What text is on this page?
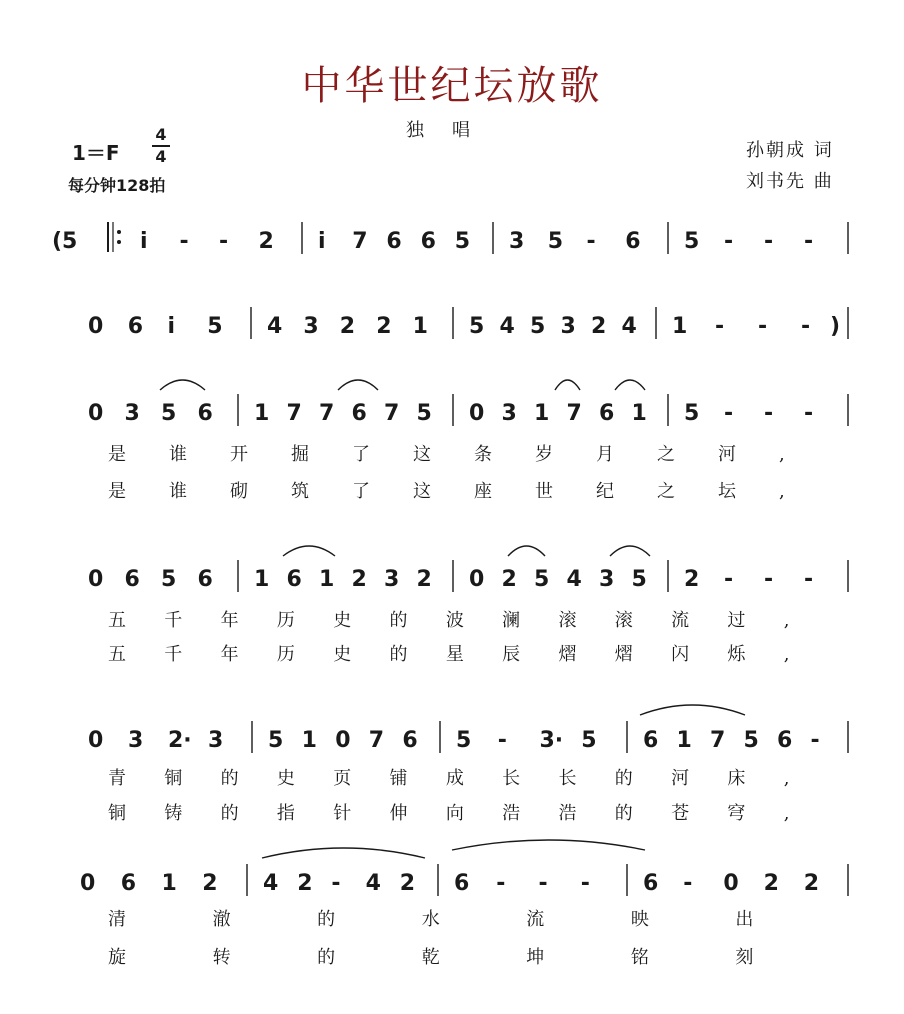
中华世纪坛放歌
独唱
1＝F
4
4
每分钟128拍
孙朝成 词
刘书先 曲
(5	i - - 2 i 7 6 6 5 3 5 - 6 5 - - -
0 6 i 5 4 3 2 2 1 5 4 5 3 2 4 1 - - - )
0 3 5 6 1 7 7 6 7 5 0 3 1 7 6 1 5 - - -
是 谁 开 掘 了 这 条 岁 月 之 河 ,
是 谁 砌 筑 了 这 座 世 纪 之 坛 ,
0 6 5 6 1 6 1 2 3 2 0 2 5 4 3 5 2 - - -
五 千 年 历 史 的 波 澜 滚 滚 流 过 ,
五 千 年 历 史 的 星 辰 熠 熠 闪 烁 ,
0 3 2· 3 5 1 0 7 6 5 - 3· 5 6 1 7 5 6 -
青 铜 的 史 页 铺 成 长 长 的 河 床 ,
铜 铸 的 指 针 伸 向 浩 浩 的 苍 穹 ,
0 6 1 2 4 2 - 4 2 6 - - - 6 - 0 2 2
清	澈	的	水	流	映	出
旋	转	的	乾	坤	铭	刻
